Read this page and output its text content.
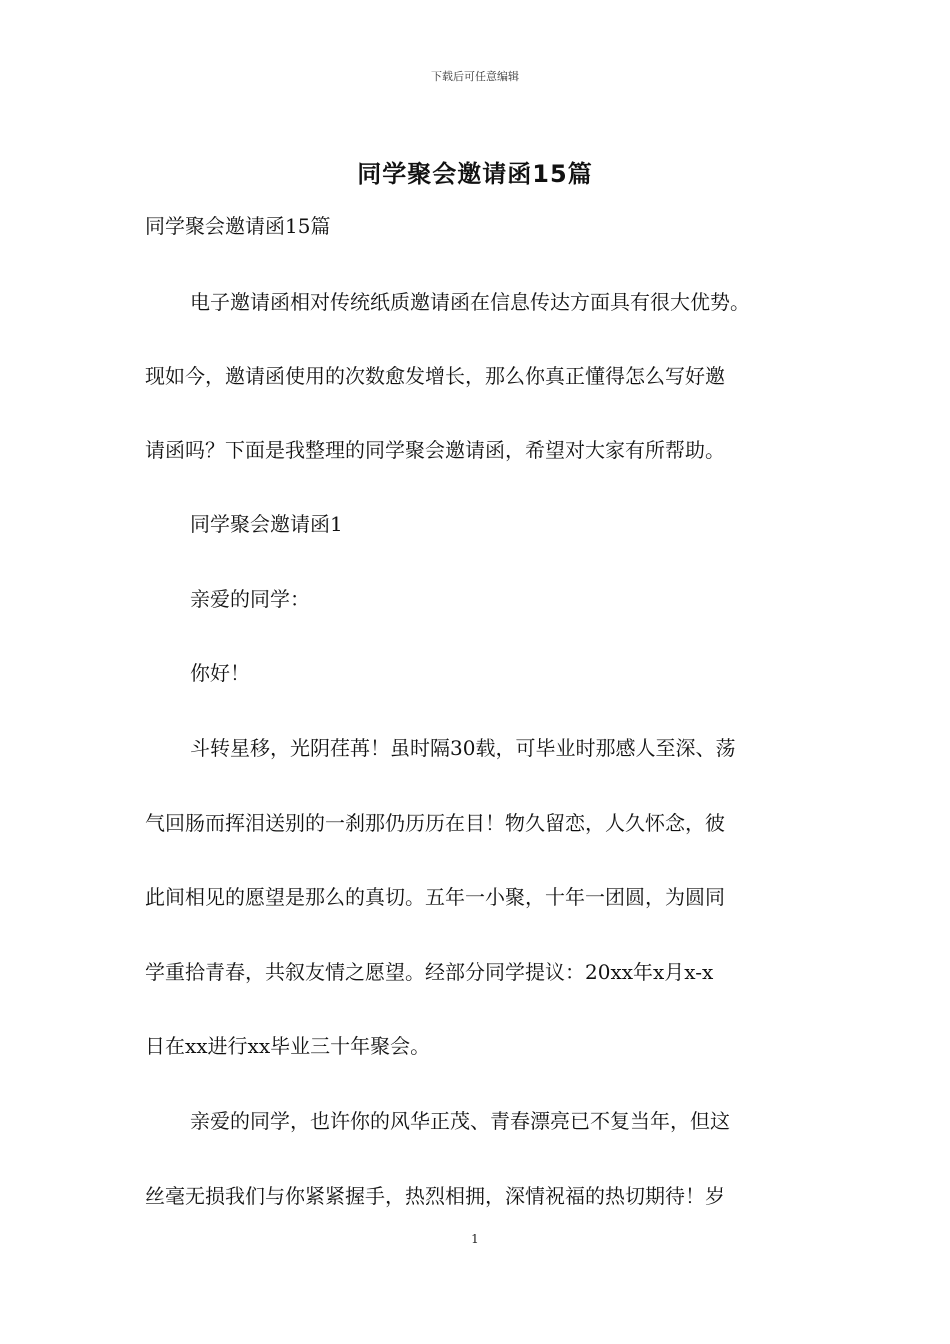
下载后可任意编辑
同学聚会邀请函15篇
同学聚会邀请函15篇
电子邀请函相对传统纸质邀请函在信息传达方面具有很大优势。
现如今，邀请函使用的次数愈发增长，那么你真正懂得怎么写好邀
请函吗？下面是我整理的同学聚会邀请函，希望对大家有所帮助。
同学聚会邀请函1
亲爱的同学：
你好！
斗转星移，光阴荏苒！虽时隔30载，可毕业时那感人至深、荡
气回肠而挥泪送别的一刹那仍历历在目！物久留恋，人久怀念，彼
此间相见的愿望是那么的真切。五年一小聚，十年一团圆，为圆同
学重拾青春，共叙友情之愿望。经部分同学提议：20xx年x月x-x
日在xx进行xx毕业三十年聚会。
亲爱的同学，也许你的风华正茂、青春漂亮已不复当年，但这
丝毫无损我们与你紧紧握手，热烈相拥，深情祝福的热切期待！岁
1
